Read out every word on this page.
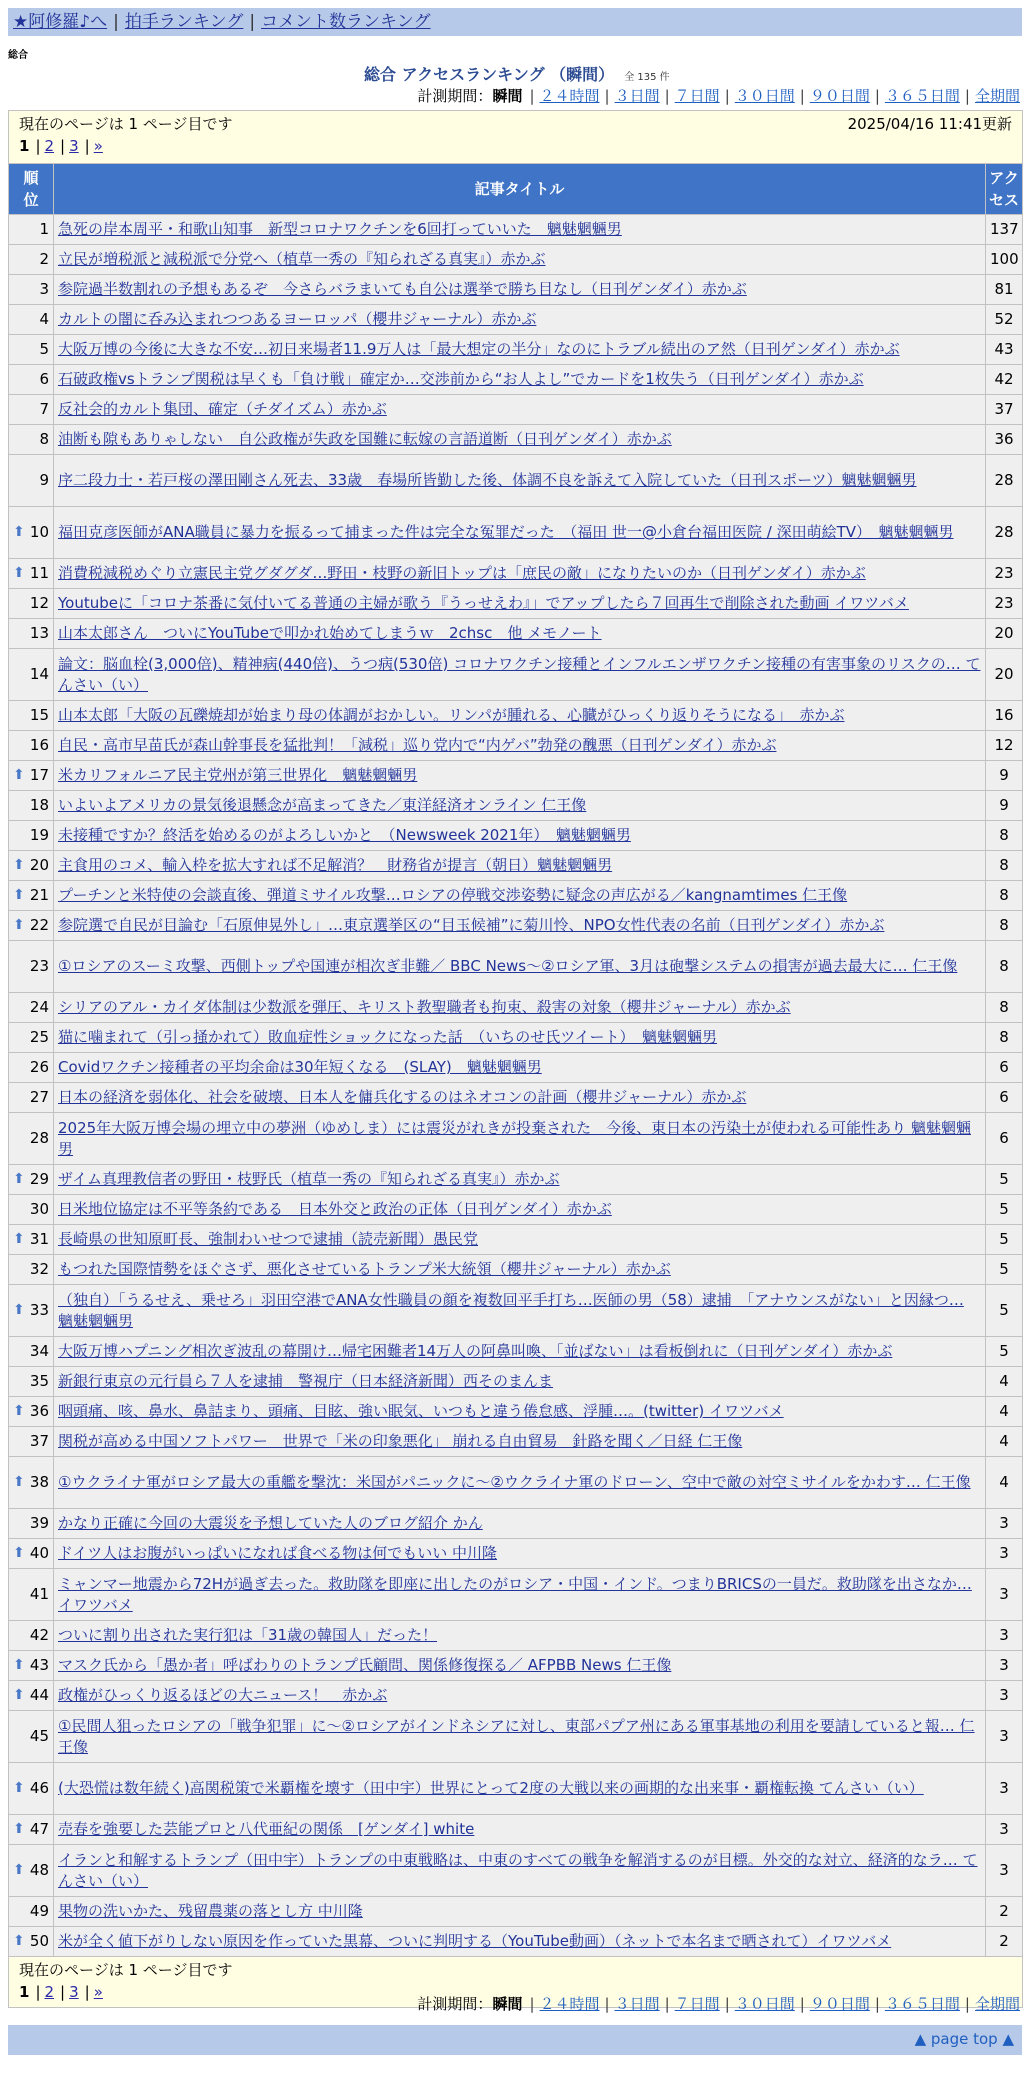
★阿修羅♪へ | 拍手ランキング | コメント数ランキング
総合
総合 アクセスランキング （瞬間） 全 135 件
計測期間：瞬間 | ２４時間 | ３日間 | ７日間 | ３０日間 | ９０日間 | ３６５日間 | 全期間
2025/04/16 11:41更新
現在のページは 1 ページ目です
1 | 2 | 3 | »		

順位	記事タイトル	アクセス
1	急死の岸本周平・和歌山知事　新型コロナワクチンを6回打っていいた　魑魅魍魎男	137
2	立民が増税派と減税派で分党へ（植草一秀の『知られざる真実』）赤かぶ	100
3	参院過半数割れの予想もあるぞ　今さらバラまいても自公は選挙で勝ち目なし（日刊ゲンダイ）赤かぶ	81
4	カルトの闇に呑み込まれつつあるヨーロッパ（櫻井ジャーナル）赤かぶ	52
5	大阪万博の今後に大きな不安…初日来場者11.9万人は「最大想定の半分」なのにトラブル続出のア然（日刊ゲンダイ）赤かぶ	43
6	石破政権vsトランプ関税は早くも「負け戦」確定か…交渉前から“お人よし”でカードを1枚失う（日刊ゲンダイ）赤かぶ	42
7	反社会的カルト集団、確定（チダイズム）赤かぶ	37
8	油断も隙もありゃしない　自公政権が失政を国難に転嫁の言語道断（日刊ゲンダイ）赤かぶ	36
9	序二段力士・若戸桜の澤田剛さん死去、33歳　春場所皆勤した後、体調不良を訴えて入院していた（日刊スポーツ）魑魅魍魎男	28

⬆ 10	福田克彦医師がANA職員に暴力を振るって捕まった件は完全な冤罪だった　（福田 世一@小倉台福田医院 / 深田萌絵TV）　魑魅魍魎男	28

⬆ 11	消費税減税めぐり立憲民主党グダグダ…野田・枝野の新旧トップは「庶民の敵」になりたいのか（日刊ゲンダイ）赤かぶ	23
12	Youtubeに「コロナ茶番に気付いてる普通の主婦が歌う『うっせえわ』」でアップしたら７回再生で削除された動画 イワツバメ	23
13	山本太郎さん　ついにYouTubeで叩かれ始めてしまうｗ　2chsc　他 メモノート	20
14	論文：脳血栓(3,000倍)、精神病(440倍)、うつ病(530倍) コロナワクチン接種とインフルエンザワクチン接種の有害事象のリスクの… てんさい（い）	20
15	山本太郎「大阪の瓦礫焼却が始まり母の体調がおかしい。リンパが腫れる、心臓がひっくり返りそうになる」　赤かぶ	16
16	自民・高市早苗氏が森山幹事長を猛批判！「減税」巡り党内で“内ゲバ”勃発の醜悪（日刊ゲンダイ）赤かぶ	12

⬆ 17	米カリフォルニア民主党州が第三世界化　魑魅魍魎男	9
18	いよいよアメリカの景気後退懸念が高まってきた／東洋経済オンライン 仁王像	9
19	未接種ですか？終活を始めるのがよろしいかと　（Newsweek 2021年）　魑魅魍魎男	8

⬆ 20	主食用のコメ、輸入枠を拡大すれば不足解消？　財務省が提言（朝日）魑魅魍魎男	8

⬆ 21	プーチンと米特使の会談直後、弾道ミサイル攻撃…ロシアの停戦交渉姿勢に疑念の声広がる／kangnamtimes 仁王像	8

⬆ 22	参院選で自民が目論む「石原伸晃外し」…東京選挙区の“目玉候補”に菊川怜、NPO女性代表の名前（日刊ゲンダイ）赤かぶ	8
23	①ロシアのスーミ攻撃、西側トップや国連が相次ぎ非難／ BBC News〜②ロシア軍、3月は砲撃システムの損害が過去最大に… 仁王像	8
24	シリアのアル・カイダ体制は少数派を弾圧、キリスト教聖職者も拘束、殺害の対象（櫻井ジャーナル）赤かぶ	8
25	猫に噛まれて（引っ掻かれて）敗血症性ショックになった話　（いちのせ氏ツイート）　魑魅魍魎男	8
26	Covidワクチン接種者の平均余命は30年短くなる　(SLAY)　魑魅魍魎男	6
27	日本の経済を弱体化、社会を破壊、日本人を傭兵化するのはネオコンの計画（櫻井ジャーナル）赤かぶ	6
28	2025年大阪万博会場の埋立中の夢洲（ゆめしま）には震災がれきが投棄された　今後、東日本の汚染土が使われる可能性あり 魑魅魍魎男	6

⬆ 29	ザイム真理教信者の野田・枝野氏（植草一秀の『知られざる真実』）赤かぶ	5
30	日米地位協定は不平等条約である　日本外交と政治の正体（日刊ゲンダイ）赤かぶ	5

⬆ 31	長崎県の世知原町長、強制わいせつで逮捕（読売新聞）愚民党	5
32	もつれた国際情勢をほぐさず、悪化させているトランプ米大統領（櫻井ジャーナル）赤かぶ	5

⬆ 33	（独自）「うるせえ、乗せろ」羽田空港でANA女性職員の顔を複数回平手打ち…医師の男（58）逮捕　「アナウンスがない」と因縁つ… 魑魅魍魎男	5
34	大阪万博ハプニング相次ぎ波乱の幕開け…帰宅困難者14万人の阿鼻叫喚、「並ばない」は看板倒れに（日刊ゲンダイ）赤かぶ	5
35	新銀行東京の元行員ら７人を逮捕　警視庁（日本経済新聞）西そのまんま	4

⬆ 36	咽頭痛、咳、鼻水、鼻詰まり、頭痛、目眩、強い眠気、いつもと違う倦怠感、浮腫…。(twitter) イワツバメ	4
37	関税が高める中国ソフトパワー　世界で「米の印象悪化」 崩れる自由貿易　針路を聞く／日経 仁王像	4

⬆ 38	①ウクライナ軍がロシア最大の重艦を撃沈：米国がパニックに〜②ウクライナ軍のドローン、空中で敵の対空ミサイルをかわす… 仁王像	4
39	かなり正確に今回の大震災を予想していた人のブログ紹介 かん	3

⬆ 40	ドイツ人はお腹がいっぱいになれば食べる物は何でもいい 中川隆	3
41	ミャンマー地震から72Hが過ぎ去った。救助隊を即座に出したのがロシア・中国・インド。つまりBRICSの一員だ。救助隊を出さなか… イワツバメ	3
42	ついに割り出された実行犯は「31歳の韓国人」だった！	3

⬆ 43	マスク氏から「愚か者」呼ばわりのトランプ氏顧問、関係修復探る／ AFPBB News 仁王像	3

⬆ 44	政権がひっくり返るほどの大ニュース！　赤かぶ	3
45	①民間人狙ったロシアの「戦争犯罪」に〜②ロシアがインドネシアに対し、東部パプア州にある軍事基地の利用を要請していると報… 仁王像	3

⬆ 46	(大恐慌は数年続く)高関税策で米覇権を壊す（田中宇）世界にとって2度の大戦以来の画期的な出来事・覇権転換 てんさい（い）	3

⬆ 47	売春を強要した芸能プロと八代亜紀の関係　[ゲンダイ] white	3

⬆ 48	イランと和解するトランプ（田中宇）トランプの中東戦略は、中東のすべての戦争を解消するのが目標。外交的な対立、経済的なラ… てんさい（い）	3
49	果物の洗いかた、残留農薬の落とし方 中川隆	2

⬆ 50	米が全く値下がりしない原因を作っていた黒幕、ついに判明する（YouTube動画）（ネットで本名まで晒されて）イワツバメ	2
現在のページは 1 ページ目です
1 | 2 | 3 | »		
計測期間：瞬間 | ２４時間 | ３日間 | ７日間 | ３０日間 | ９０日間 | ３６５日間 | 全期間
▲ page top ▲
